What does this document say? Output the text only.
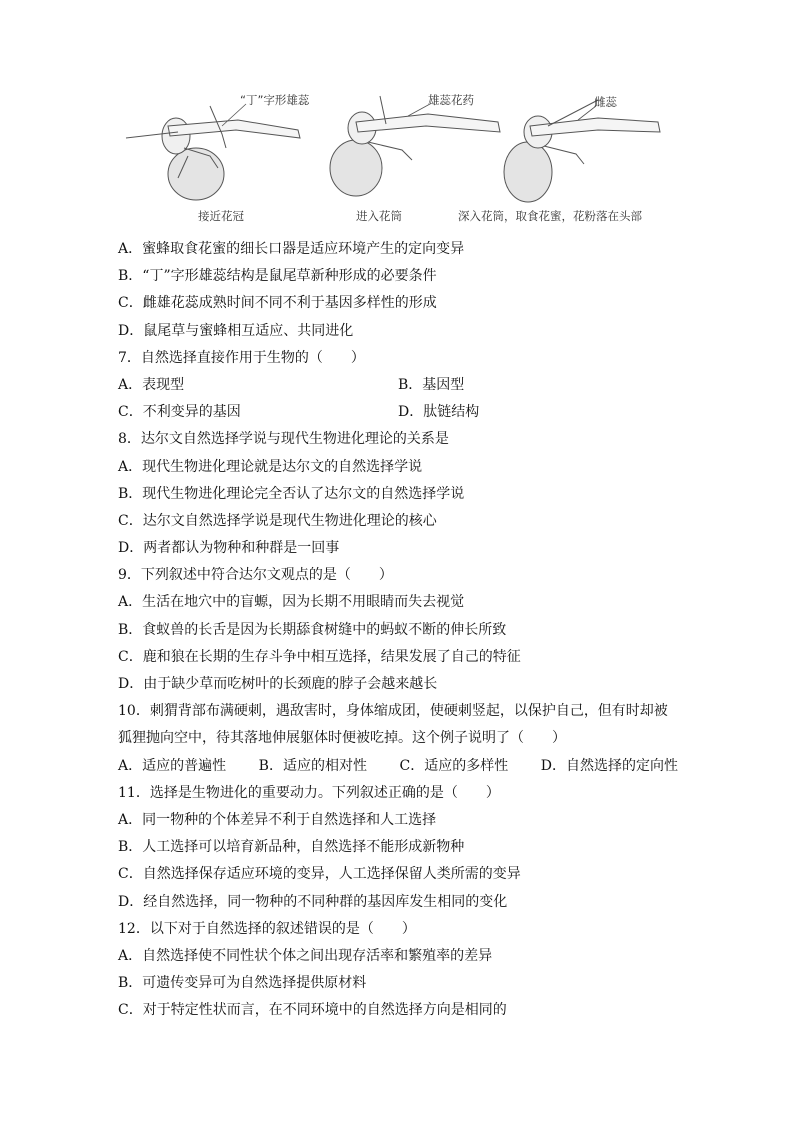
“丁”字形雄蕊	雄蕊花药	雌蕊
接近花冠	进入花筒	深入花筒，取食花蜜，花粉落在头部
A．蜜蜂取食花蜜的细长口器是适应环境产生的定向变异
B．“丁”字形雄蕊结构是鼠尾草新种形成的必要条件
C．雌雄花蕊成熟时间不同不利于基因多样性的形成
D．鼠尾草与蜜蜂相互适应、共同进化
7．自然选择直接作用于生物的（　　）
A．表现型	B．基因型
C．不利变异的基因	D．肽链结构
8．达尔文自然选择学说与现代生物进化理论的关系是
A．现代生物进化理论就是达尔文的自然选择学说
B．现代生物进化理论完全否认了达尔文的自然选择学说
C．达尔文自然选择学说是现代生物进化理论的核心
D．两者都认为物种和种群是一回事
9．下列叙述中符合达尔文观点的是（　　）
A．生活在地穴中的盲螈，因为长期不用眼睛而失去视觉
B．食蚁兽的长舌是因为长期舔食树缝中的蚂蚁不断的伸长所致
C．鹿和狼在长期的生存斗争中相互选择，结果发展了自己的特征
D．由于缺少草而吃树叶的长颈鹿的脖子会越来越长
10．刺猬背部布满硬刺，遇敌害时，身体缩成团，使硬刺竖起，以保护自己，但有时却被
狐狸抛向空中，待其落地伸展躯体时便被吃掉。这个例子说明了（　　）
A．适应的普遍性 B．适应的相对性 C．适应的多样性 D．自然选择的定向性
11．选择是生物进化的重要动力。下列叙述正确的是（　　）
A．同一物种的个体差异不利于自然选择和人工选择
B．人工选择可以培育新品种，自然选择不能形成新物种
C．自然选择保存适应环境的变异，人工选择保留人类所需的变异
D．经自然选择，同一物种的不同种群的基因库发生相同的变化
12．以下对于自然选择的叙述错误的是（　　）
A．自然选择使不同性状个体之间出现存活率和繁殖率的差异
B．可遗传变异可为自然选择提供原材料
C．对于特定性状而言，在不同环境中的自然选择方向是相同的
